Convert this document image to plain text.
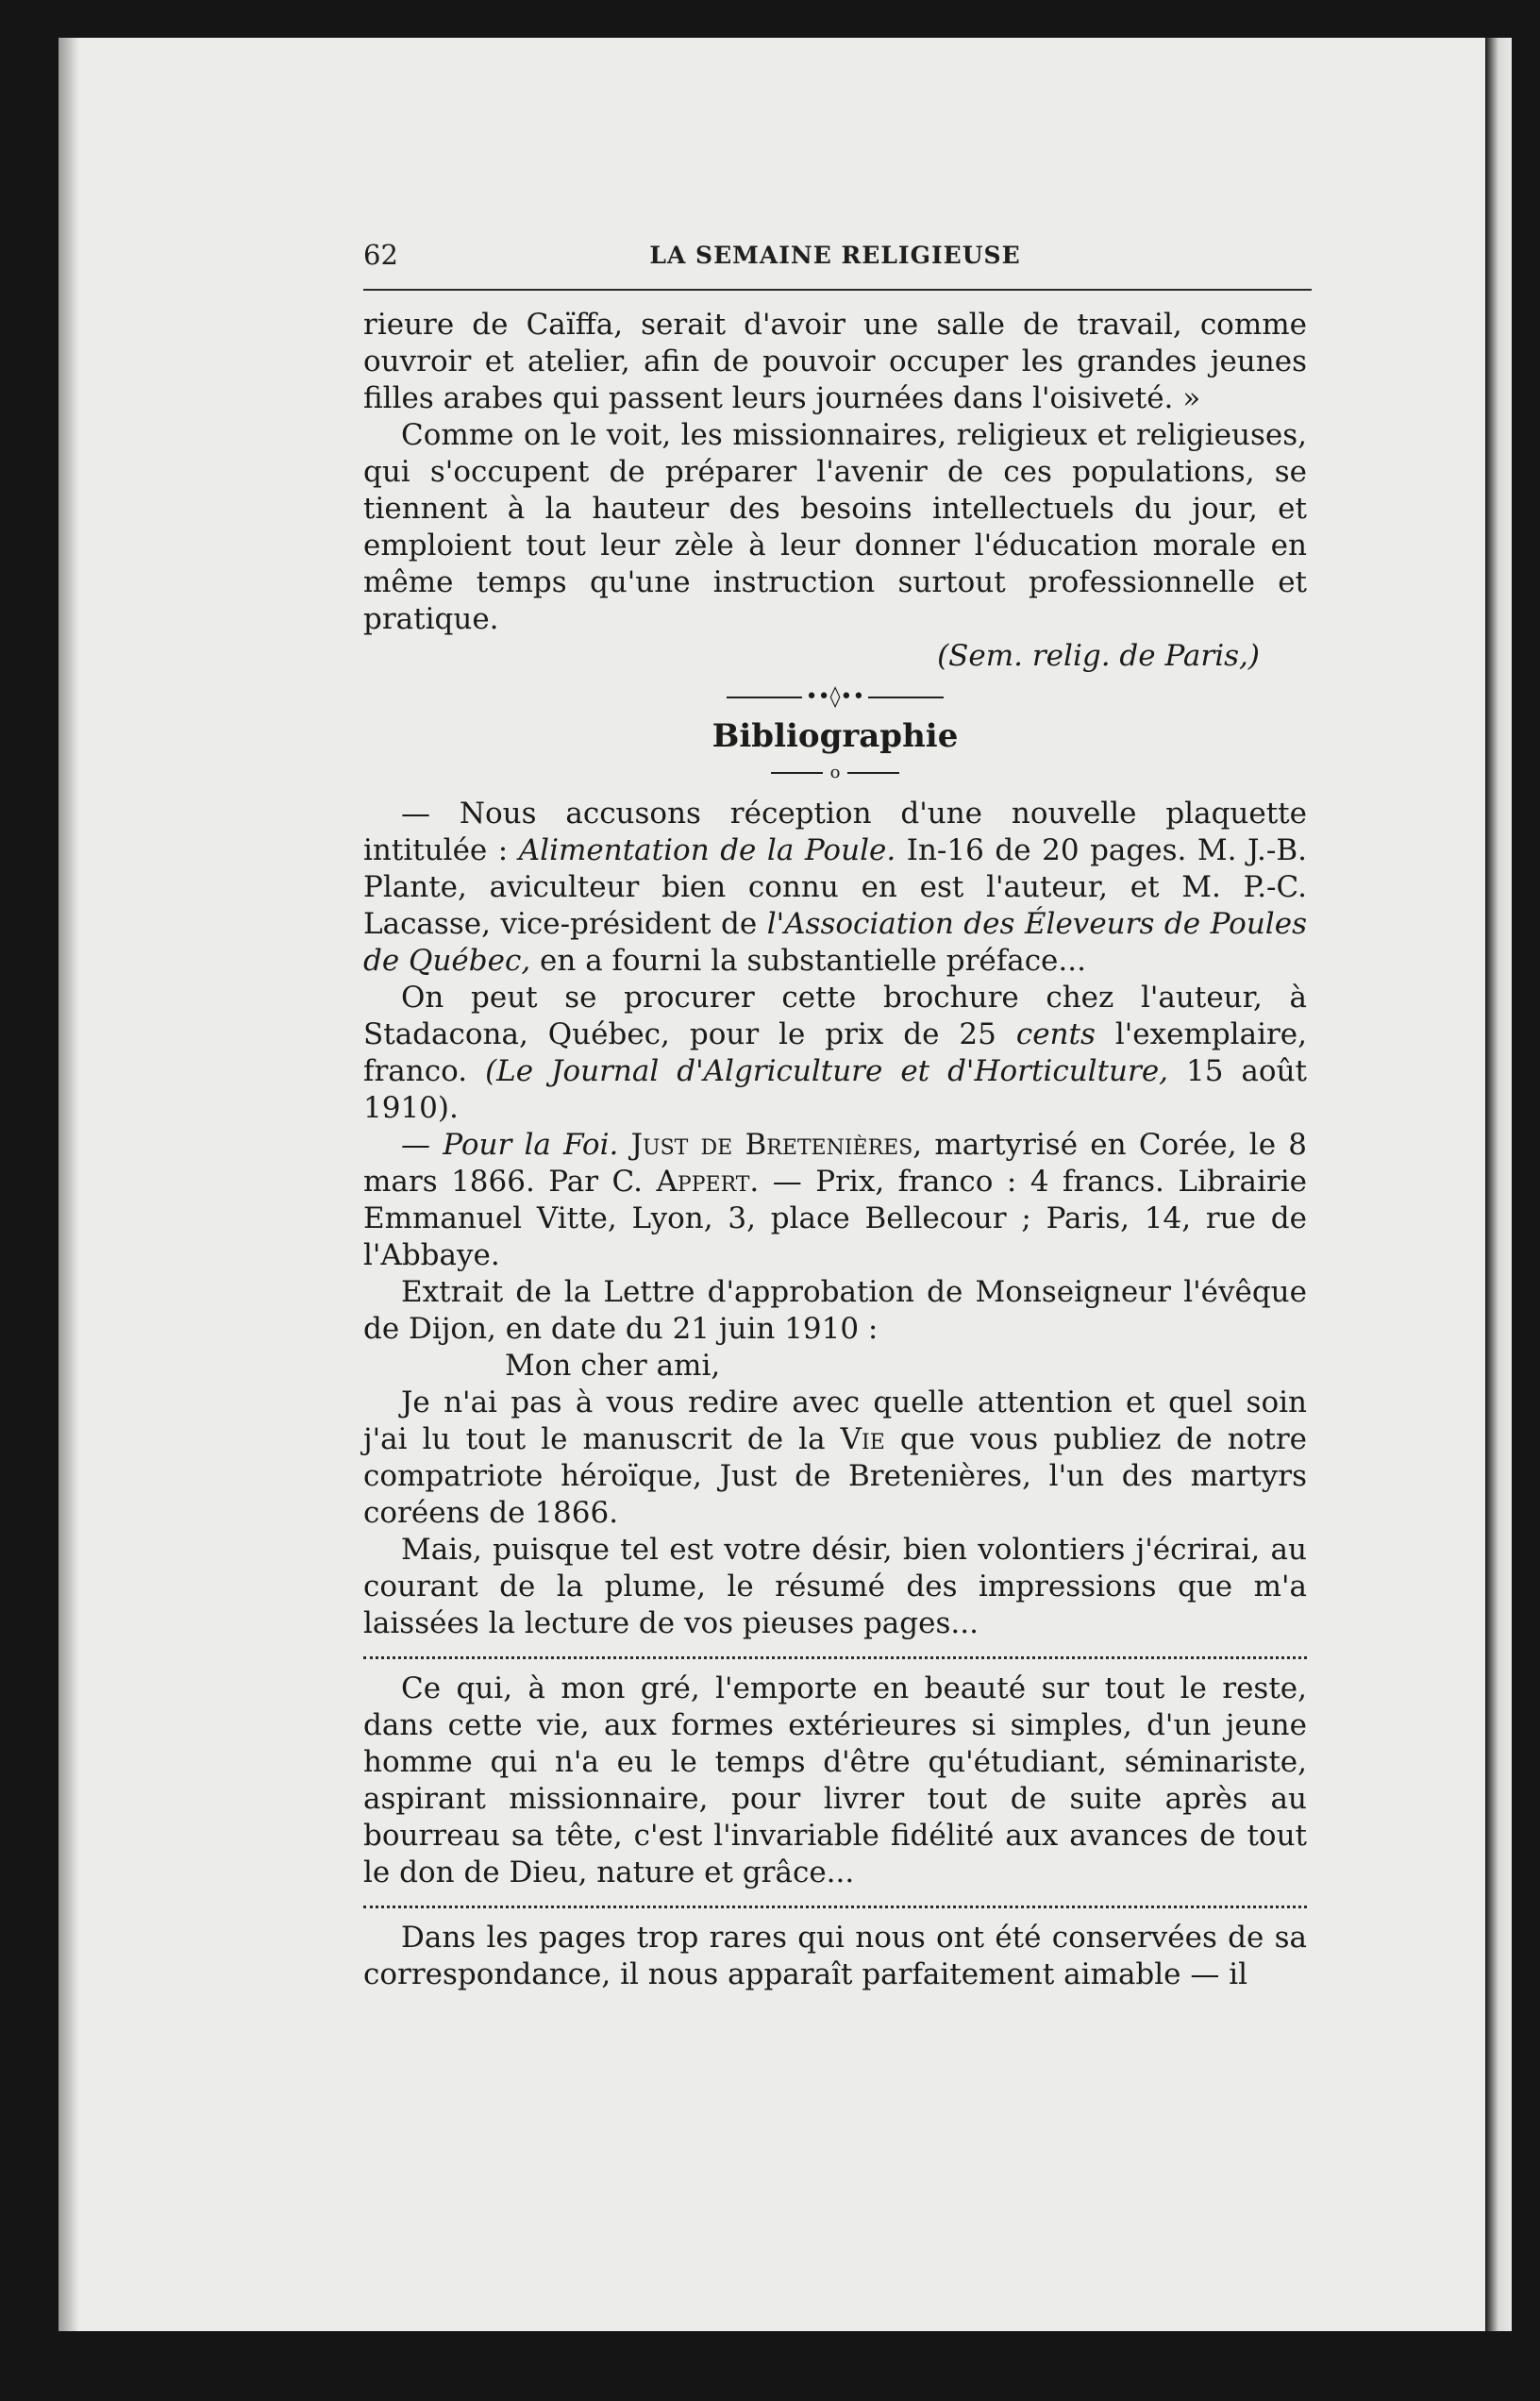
62	LA SEMAINE RELIGIEUSE

rieure de Caïffa, serait d'avoir une salle de travail, comme ouvroir et atelier, afin de pouvoir occuper les grandes jeunes filles arabes qui passent leurs journées dans l'oisiveté. »

Comme on le voit, les missionnaires, religieux et religieuses, qui s'occupent de préparer l'avenir de ces populations, se tiennent à la hauteur des besoins intellectuels du jour, et emploient tout leur zèle à leur donner l'éducation morale en même temps qu'une instruction surtout professionnelle et pratique.

(Sem. relig. de Paris,)

••◊••
Bibliographie
o

— Nous accusons réception d'une nouvelle plaquette intitulée : Alimentation de la Poule. In-16 de 20 pages. M. J.-B. Plante, aviculteur bien connu en est l'auteur, et M. P.-C. Lacasse, vice-président de l'Association des Éleveurs de Poules de Québec, en a fourni la substantielle préface...

On peut se procurer cette brochure chez l'auteur, à Stadacona, Québec, pour le prix de 25 cents l'exemplaire, franco. (Le Journal d'Algriculture et d'Horticulture, 15 août 1910).

— Pour la Foi. Just de Bretenières, martyrisé en Corée, le 8 mars 1866. Par C. Appert. — Prix, franco : 4 francs. Librairie Emmanuel Vitte, Lyon, 3, place Bellecour ; Paris, 14, rue de l'Abbaye.

Extrait de la Lettre d'approbation de Monseigneur l'évêque de Dijon, en date du 21 juin 1910 :

Mon cher ami,

Je n'ai pas à vous redire avec quelle attention et quel soin j'ai lu tout le manuscrit de la Vie que vous publiez de notre compatriote héroïque, Just de Bretenières, l'un des martyrs coréens de 1866.

Mais, puisque tel est votre désir, bien volontiers j'écrirai, au courant de la plume, le résumé des impressions que m'a laissées la lecture de vos pieuses pages...

Ce qui, à mon gré, l'emporte en beauté sur tout le reste, dans cette vie, aux formes extérieures si simples, d'un jeune homme qui n'a eu le temps d'être qu'étudiant, séminariste, aspirant missionnaire, pour livrer tout de suite après au bourreau sa tête, c'est l'invariable fidélité aux avances de tout le don de Dieu, nature et grâce...

Dans les pages trop rares qui nous ont été conservées de sa correspondance, il nous apparaît parfaitement aimable — il
